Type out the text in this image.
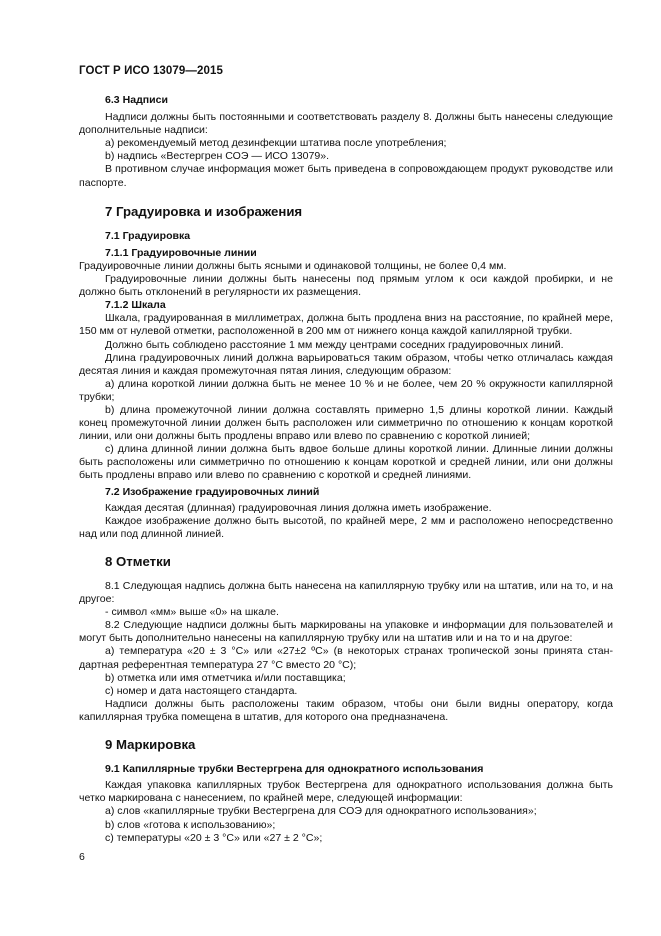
ГОСТ Р ИСО 13079—2015

6.3 Надписи

Надписи должны быть постоянными и соответствовать разделу 8. Должны быть нанесены следующие дополнительные надписи:

a) рекомендуемый метод дезинфекции штатива после употребления;

b) надпись «Вестергрен СОЭ — ИСО 13079».

В противном случае информация может быть приведена в сопровождающем продукт руководстве или паспорте.

7 Градуировка и изображения

7.1 Градуировка

7.1.1 Градуировочные линии

Градуировочные линии должны быть ясными и одинаковой толщины, не более 0,4 мм.

Градуировочные линии должны быть нанесены под прямым углом к оси каждой пробирки, и не должно быть отклонений в регулярности их размещения.

7.1.2 Шкала

Шкала, градуированная в миллиметрах, должна быть продлена вниз на расстояние, по крайней мере, 150 мм от нулевой отметки, расположенной в 200 мм от нижнего конца каждой капиллярной трубки.

Должно быть соблюдено расстояние 1 мм между центрами соседних градуировочных линий.

Длина градуировочных линий должна варьироваться таким образом, чтобы четко отличалась каждая десятая линия и каждая промежуточная пятая линия, следующим образом:

a) длина короткой линии должна быть не менее 10 % и не более, чем 20 % окружности капиллярной трубки;

b) длина промежуточной линии должна составлять примерно 1,5 длины короткой линии. Каждый конец промежуточной линии должен быть расположен или симметрично по отношению к концам короткой линии, или они должны быть продлены вправо или влево по сравнению с короткой линией;

c) длина длинной линии должна быть вдвое больше длины короткой линии. Длинные линии должны быть расположены или симметрично по отношению к концам короткой и средней линии, или они должны быть продлены вправо или влево по сравнению с короткой и средней линиями.

7.2 Изображение градуировочных линий

Каждая десятая (длинная) градуировочная линия должна иметь изображение.

Каждое изображение должно быть высотой, по крайней мере, 2 мм и расположено непосредственно над или под длинной линией.

8 Отметки

8.1 Следующая надпись должна быть нанесена на капиллярную трубку или на штатив, или на то, и на другое:

- символ «мм» выше «0» на шкале.

8.2 Следующие надписи должны быть маркированы на упаковке и информации для пользователей и могут быть дополнительно нанесены на капиллярную трубку или на штатив или и на то и на другое:

a) температура «20 ± 3 °C» или «27±2 ºC» (в некоторых странах тропической зоны принята стандартная референтная температура 27 °C вместо 20 °C);

b) отметка или имя отметчика и/или поставщика;

c) номер и дата настоящего стандарта.

Надписи должны быть расположены таким образом, чтобы они были видны оператору, когда капиллярная трубка помещена в штатив, для которого она предназначена.

9 Маркировка

9.1 Капиллярные трубки Вестергрена для однократного использования

Каждая упаковка капиллярных трубок Вестергрена для однократного использования должна быть четко маркирована с нанесением, по крайней мере, следующей информации:

a) слов «капиллярные трубки Вестергрена для СОЭ для однократного использования»;

b) слов «готова к использованию»;

c) температуры «20 ± 3 °C» или «27 ± 2 °C»;

6
